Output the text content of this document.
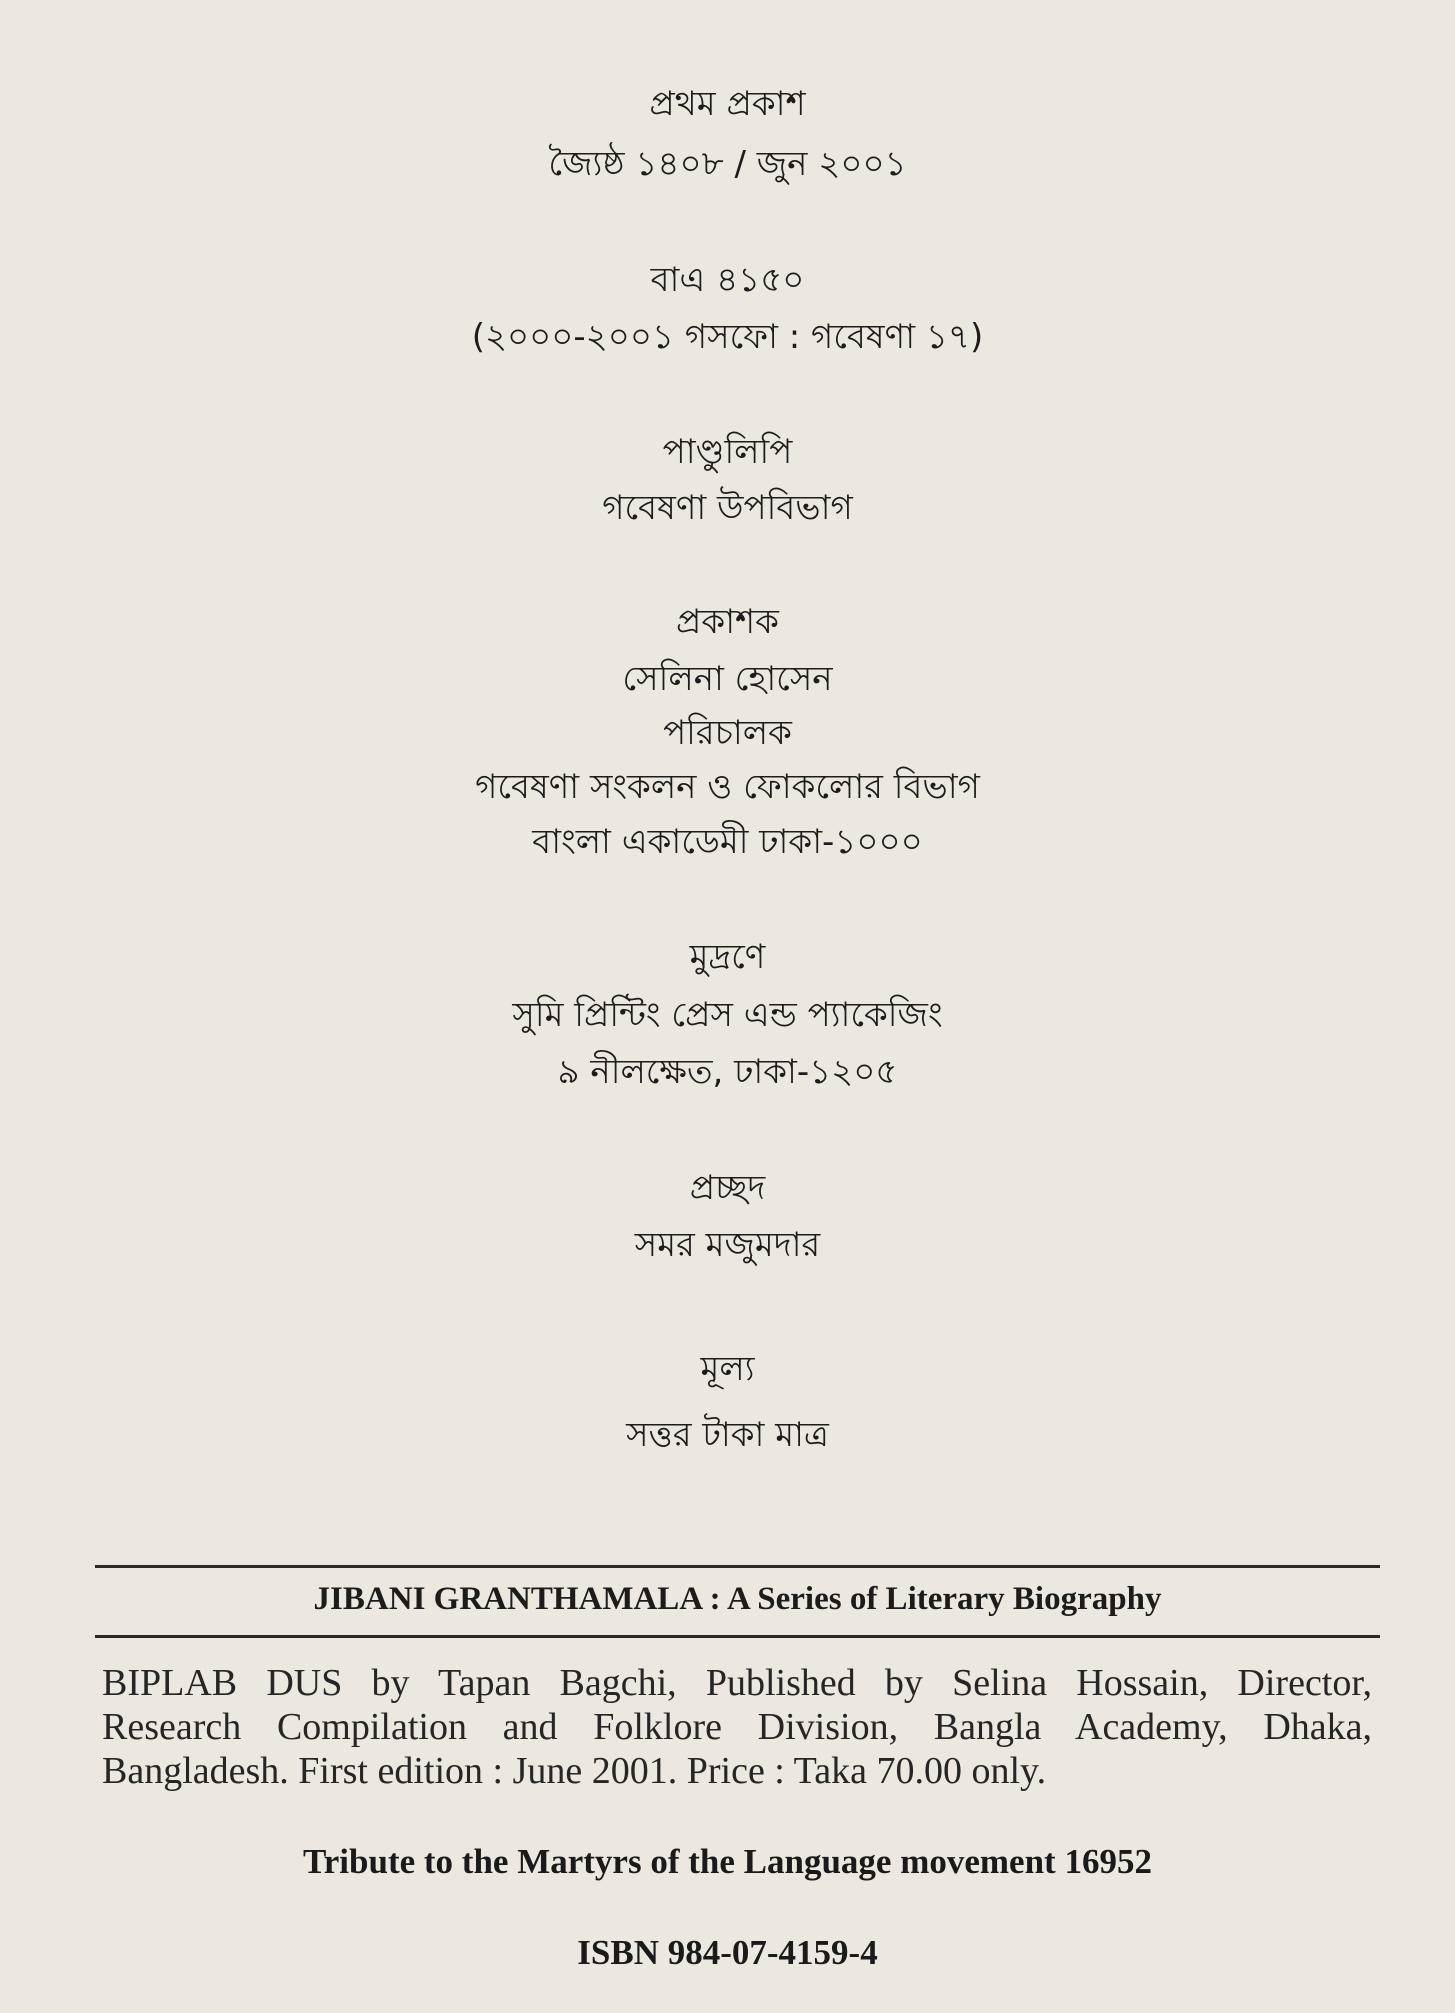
প্রথম প্রকাশ
জ্যৈষ্ঠ ১৪০৮ / জুন ২০০১
বাএ ৪১৫০
(২০০০-২০০১ গসফো : গবেষণা ১৭)
পাণ্ডুলিপি
গবেষণা উপবিভাগ
প্রকাশক
সেলিনা হোসেন
পরিচালক
গবেষণা সংকলন ও ফোকলোর বিভাগ
বাংলা একাডেমী ঢাকা-১০০০
মুদ্রণে
সুমি প্রিন্টিং প্রেস এন্ড প্যাকেজিং
৯ নীলক্ষেত, ঢাকা-১২০৫
প্রচ্ছদ
সমর মজুমদার
মূল্য
সত্তর টাকা মাত্র
JIBANI GRANTHAMALA : A Series of Literary Biography
BIPLAB DUS by Tapan Bagchi, Published by Selina Hossain, Director,
Research Compilation and Folklore Division, Bangla Academy, Dhaka,
Bangladesh. First edition : June 2001. Price : Taka 70.00 only.
Tribute to the Martyrs of the Language movement 16952
ISBN 984-07-4159-4
